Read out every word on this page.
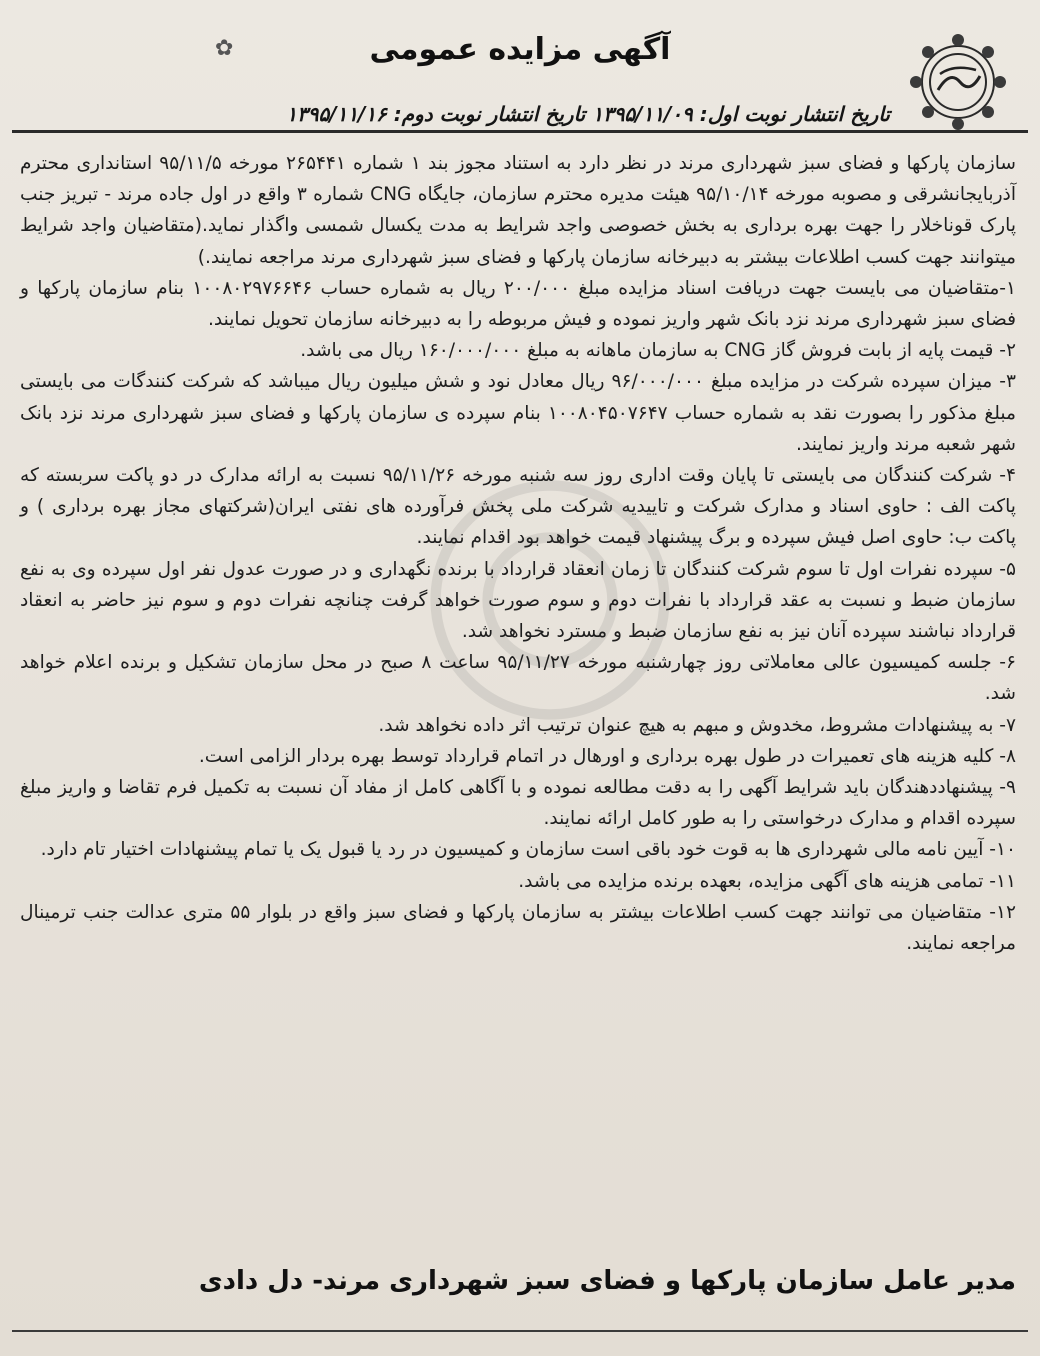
✿	آگهی مزایده عمومی
تاریخ انتشار نوبت اول: ۱۳۹۵/۱۱/۰۹ تاریخ انتشار نوبت دوم: ۱۳۹۵/۱۱/۱۶

سازمان پارکها و فضای سبز شهرداری مرند در نظر دارد به استناد مجوز بند ۱ شماره ۲۶۵۴۴۱ مورخه ۹۵/۱۱/۵ استانداری محترم آذربایجانشرقی و مصوبه مورخه ۹۵/۱۰/۱۴ هیئت مدیره محترم سازمان، جایگاه CNG شماره ۳ واقع در اول جاده مرند - تبریز جنب پارک قوناخلار را جهت بهره برداری به بخش خصوصی واجد شرایط به مدت یکسال شمسی واگذار نماید.(متقاضیان واجد شرایط میتوانند جهت کسب اطلاعات بیشتر به دبیرخانه سازمان پارکها و فضای سبز شهرداری مرند مراجعه نمایند.)

۱-متقاضیان می بایست جهت دریافت اسناد مزایده مبلغ ۲۰۰/۰۰۰ ریال به شماره حساب ۱۰۰۸۰۲۹۷۶۶۴۶ بنام سازمان پارکها و فضای سبز شهرداری مرند نزد بانک شهر واریز نموده و فیش مربوطه را به دبیرخانه سازمان تحویل نمایند.

۲- قیمت پایه از بابت فروش گاز CNG به سازمان ماهانه به مبلغ ۱۶۰/۰۰۰/۰۰۰ ریال می باشد.

۳- میزان سپرده شرکت در مزایده مبلغ ۹۶/۰۰۰/۰۰۰ ریال معادل نود و شش میلیون ریال میباشد که شرکت کنندگات می بایستی مبلغ مذکور را بصورت نقد به شماره حساب ۱۰۰۸۰۴۵۰۷۶۴۷ بنام سپرده ی سازمان پارکها و فضای سبز شهرداری مرند نزد بانک شهر شعبه مرند واریز نمایند.

۴- شرکت کنندگان می بایستی تا پایان وقت اداری روز سه شنبه مورخه ۹۵/۱۱/۲۶ نسبت به ارائه مدارک در دو پاکت سربسته که پاکت الف : حاوی اسناد و مدارک شرکت و تاییدیه شرکت ملی پخش فرآورده های نفتی ایران(شرکتهای مجاز بهره برداری ) و پاکت ب: حاوی اصل فیش سپرده و برگ پیشنهاد قیمت خواهد بود اقدام نمایند.

۵- سپرده نفرات اول تا سوم شرکت کنندگان تا زمان انعقاد قرارداد با برنده نگهداری و در صورت عدول نفر اول سپرده وی به نفع سازمان ضبط و نسبت به عقد قرارداد با نفرات دوم و سوم صورت خواهد گرفت چنانچه نفرات دوم و سوم نیز حاضر به انعقاد قرارداد نباشند سپرده آنان نیز به نفع سازمان ضبط و مسترد نخواهد شد.

۶- جلسه کمیسیون عالی معاملاتی روز چهارشنبه مورخه ۹۵/۱۱/۲۷ ساعت ۸ صبح در محل سازمان تشکیل و برنده اعلام خواهد شد.

۷- به پیشنهادات مشروط، مخدوش و مبهم به هیچ عنوان ترتیب اثر داده نخواهد شد.

۸- کلیه هزینه های تعمیرات در طول بهره برداری و اورهال در اتمام قرارداد توسط بهره بردار الزامی است.

۹- پیشنهاددهندگان باید شرایط آگهی را به دقت مطالعه نموده و با آگاهی کامل از مفاد آن نسبت به تکمیل فرم تقاضا و واریز مبلغ سپرده اقدام و مدارک درخواستی را به طور کامل ارائه نمایند.

۱۰- آیین نامه مالی شهرداری ها به قوت خود باقی است سازمان و کمیسیون در رد یا قبول یک یا تمام پیشنهادات اختیار تام دارد.

۱۱- تمامی هزینه های آگهی مزایده، بعهده برنده مزایده می باشد.

۱۲- متقاضیان می توانند جهت کسب اطلاعات بیشتر به سازمان پارکها و فضای سبز واقع در بلوار ۵۵ متری عدالت جنب ترمینال مراجعه نمایند.

مدیر عامل سازمان پارکها و فضای سبز شهرداری مرند- دل دادی
